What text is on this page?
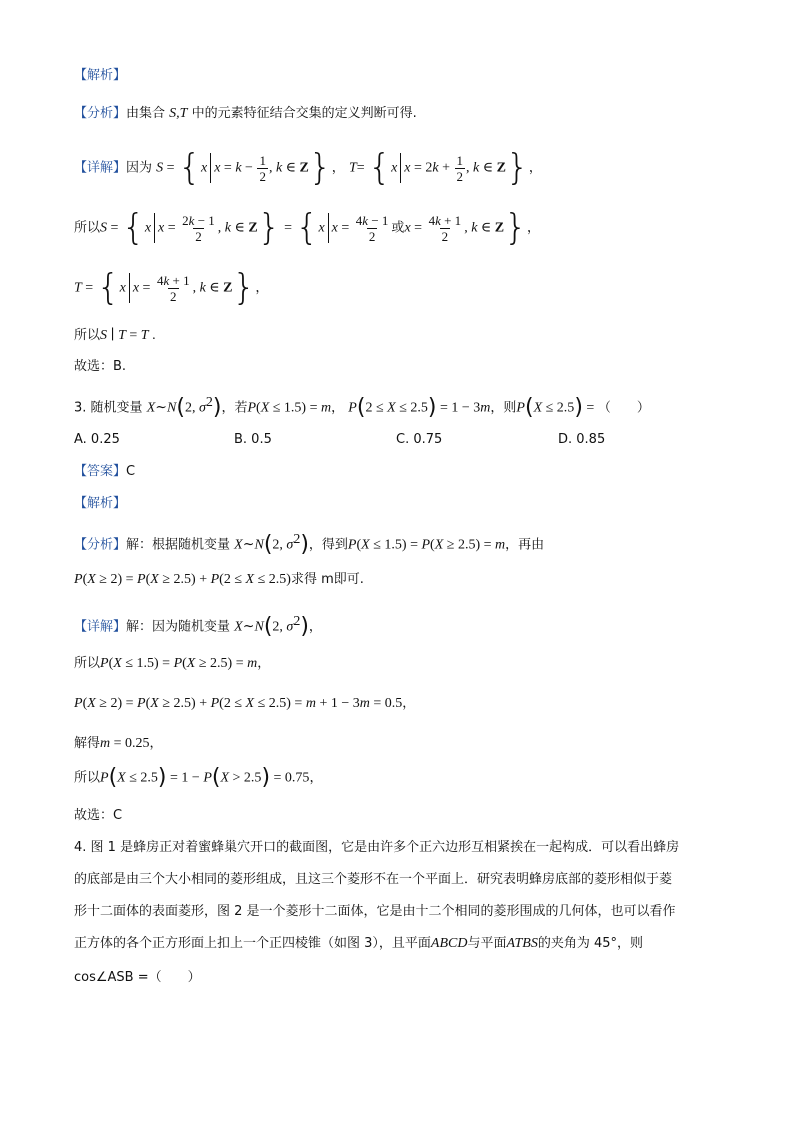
【解析】
【分析】由集合 S,T 中的元素特征结合交集的定义判断可得.
【详解】因为 S = {x $x = k - \frac{1}{2}$ , k ∈ Z}， T= {x $x = 2k + \frac{1}{2}$ , k ∈ Z}，
所以S = {x $x = \frac{2k - 1}{2}$ , k ∈ Z} = {x $x = \frac{4k - 1}{2}$ 或$x = \frac{4k + 1}{2}$ , k ∈ Z}，
T = {x $x = \frac{4k + 1}{2}$ , k ∈ Z}，
所以S ∣ T = T .
故选：B.
3. 随机变量 X∼N(2, $\sigma^2$)，若P(X ≤ 1.5) = m， P(2 ≤ X ≤ 2.5) = 1 − 3m，则P(X ≤ 2.5) = （　　）
A. 0.25	B. 0.5	C. 0.75	D. 0.85
【答案】C
【解析】
【分析】解：根据随机变量 X∼N(2, $\sigma^2$)，得到P(X ≤ 1.5) = P(X ≥ 2.5) = m，再由
P(X ≥ 2) = P(X ≥ 2.5) + P(2 ≤ X ≤ 2.5)求得 m即可.
【详解】解：因为随机变量 X∼N(2, $\sigma^2$)，
所以P(X ≤ 1.5) = P(X ≥ 2.5) = m，
P(X ≥ 2) = P(X ≥ 2.5) + P(2 ≤ X ≤ 2.5) = m + 1 − 3m = 0.5，
解得m = 0.25，
所以P(X ≤ 2.5) = 1 − P(X > 2.5) = 0.75，
故选：C
4. 图 1 是蜂房正对着蜜蜂巢穴开口的截面图，它是由许多个正六边形互相紧挨在一起构成．可以看出蜂房
的底部是由三个大小相同的菱形组成，且这三个菱形不在一个平面上．研究表明蜂房底部的菱形相似于菱
形十二面体的表面菱形，图 2 是一个菱形十二面体，它是由十二个相同的菱形围成的几何体，也可以看作
正方体的各个正方形面上扣上一个正四棱锥（如图 3），且平面ABCD与平面ATBS的夹角为 45°，则
cos∠ASB =（　　）
